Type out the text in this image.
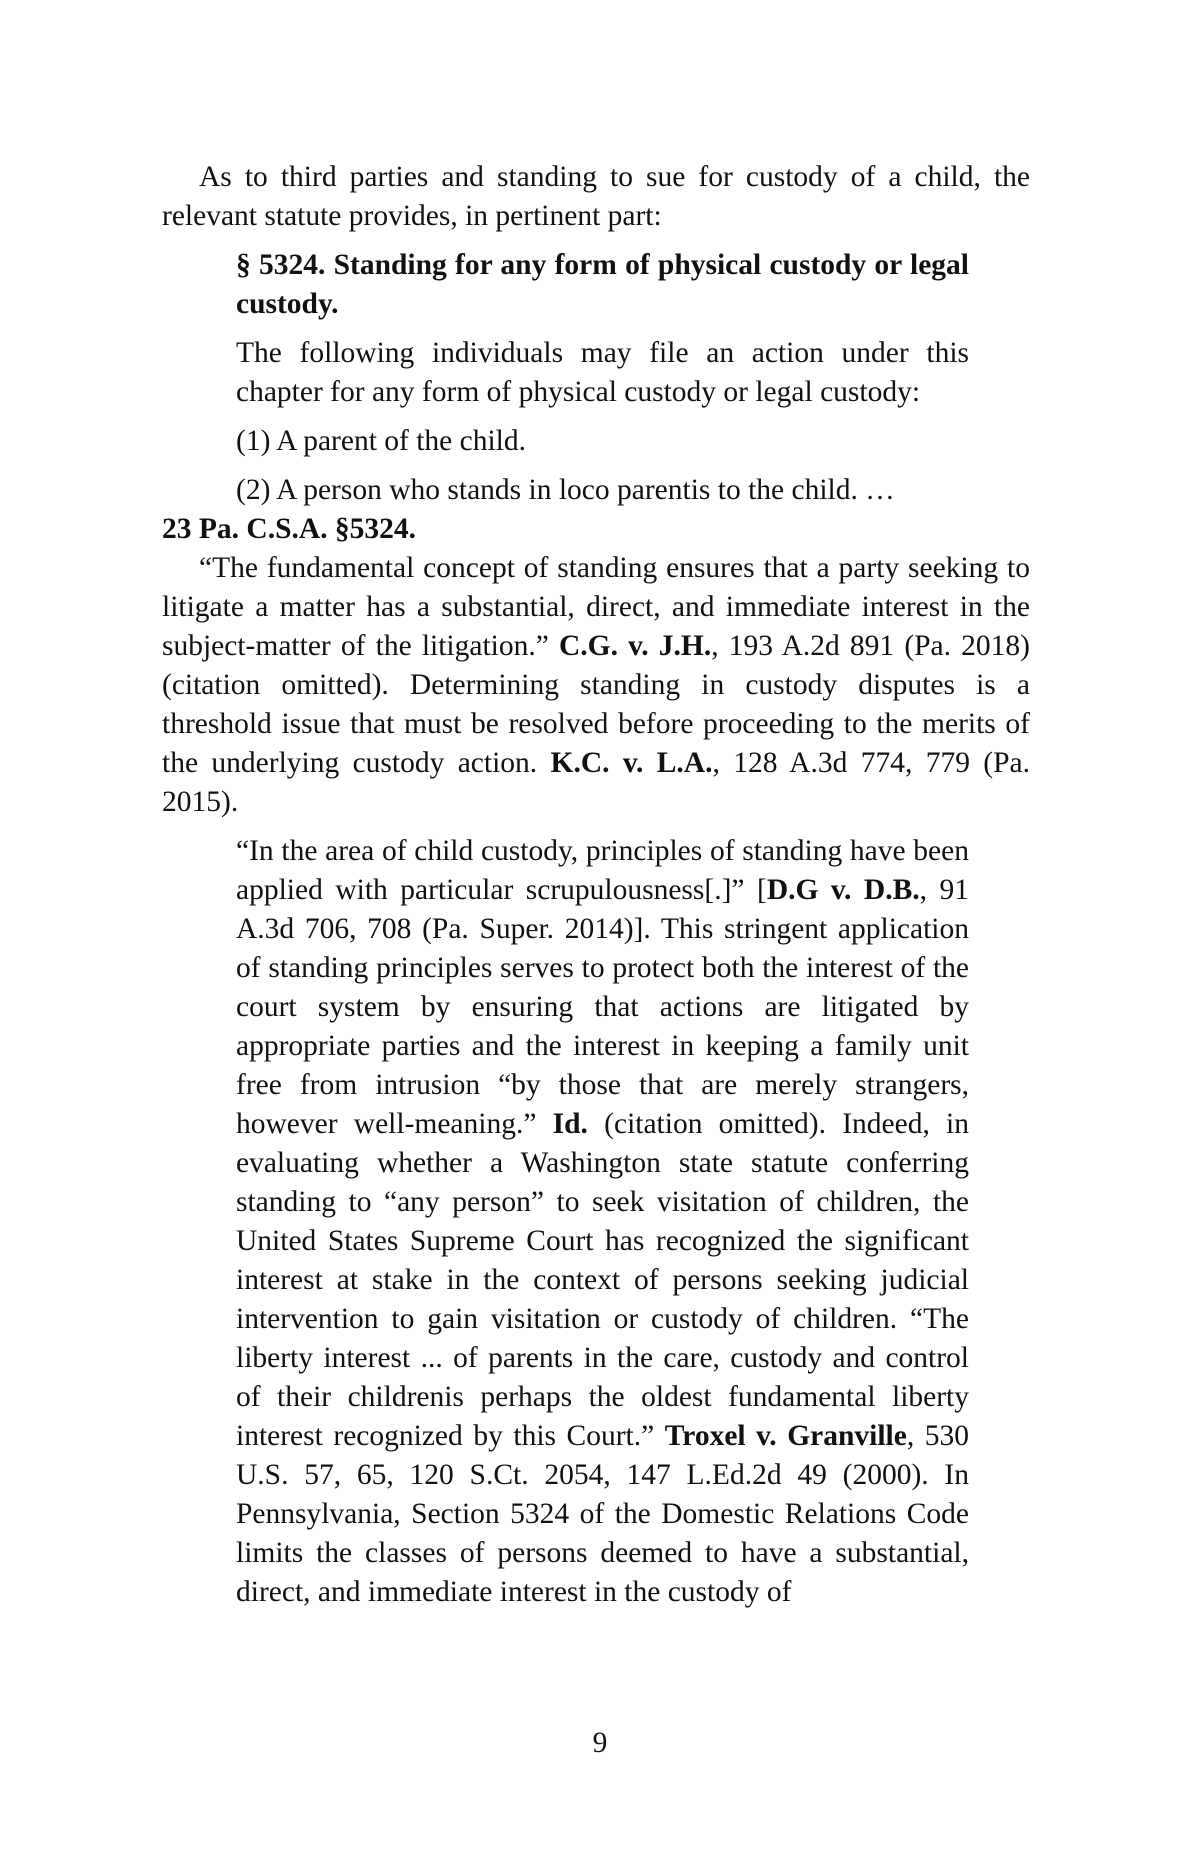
As to third parties and standing to sue for custody of a child, the relevant statute provides, in pertinent part:

§ 5324. Standing for any form of physical custody or legal custody.

The following individuals may file an action under this chapter for any form of physical custody or legal custody:

(1) A parent of the child.

(2) A person who stands in loco parentis to the child. …

23 Pa. C.S.A. §5324.

“The fundamental concept of standing ensures that a party seeking to litigate a matter has a substantial, direct, and immediate interest in the subject-matter of the litigation.” C.G. v. J.H., 193 A.2d 891 (Pa. 2018)(citation omitted). Determining standing in custody disputes is a threshold issue that must be resolved before proceeding to the merits of the underlying custody action. K.C. v. L.A., 128 A.3d 774, 779 (Pa. 2015).

“In the area of child custody, principles of standing have been applied with particular scrupulousness[.]” [D.G v. D.B., 91 A.3d 706, 708 (Pa. Super. 2014)]. This stringent application of standing principles serves to protect both the interest of the court system by ensuring that actions are litigated by appropriate parties and the interest in keeping a family unit free from intrusion “by those that are merely strangers, however well-meaning.” Id. (citation omitted). Indeed, in evaluating whether a Washington state statute conferring standing to “any person” to seek visitation of children, the United States Supreme Court has recognized the significant interest at stake in the context of persons seeking judicial intervention to gain visitation or custody of children. “The liberty interest ... of parents in the care, custody and control of their childrenis perhaps the oldest fundamental liberty interest recognized by this Court.” Troxel v. Granville, 530 U.S. 57, 65, 120 S.Ct. 2054, 147 L.Ed.2d 49 (2000). In Pennsylvania, Section 5324 of the Domestic Relations Code limits the classes of persons deemed to have a substantial, direct, and immediate interest in the custody of

9
